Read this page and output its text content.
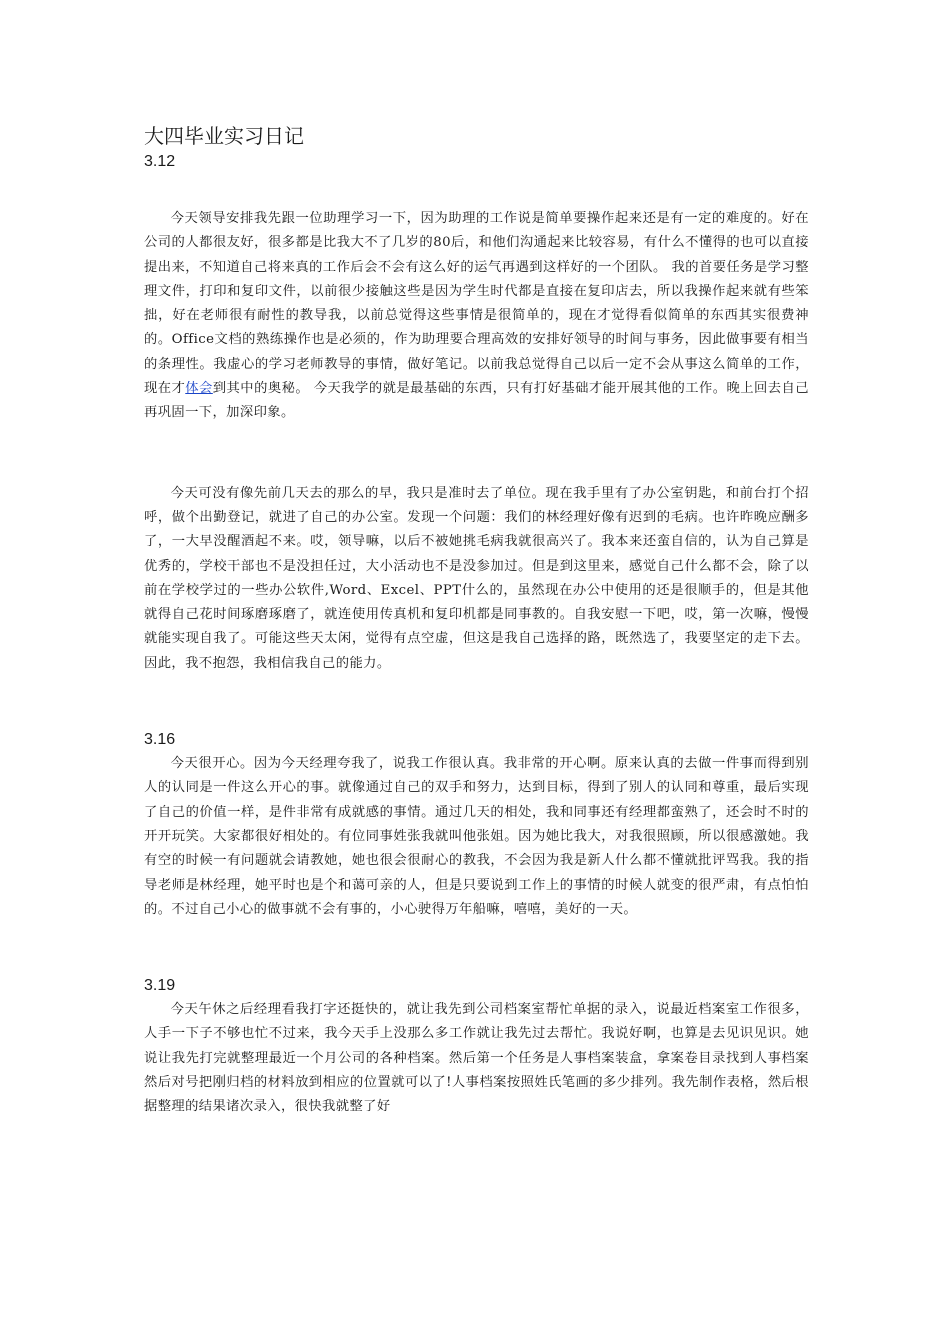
大四毕业实习日记

3.12

今天领导安排我先跟一位助理学习一下，因为助理的工作说是简单要操作起来还是有一定的难度的。好在公司的人都很友好，很多都是比我大不了几岁的80后，和他们沟通起来比较容易，有什么不懂得的也可以直接提出来，不知道自己将来真的工作后会不会有这么好的运气再遇到这样好的一个团队。 我的首要任务是学习整理文件，打印和复印文件，以前很少接触这些是因为学生时代都是直接在复印店去，所以我操作起来就有些笨拙，好在老师很有耐性的教导我，以前总觉得这些事情是很简单的，现在才觉得看似简单的东西其实很费神的。Office文档的熟练操作也是必须的，作为助理要合理高效的安排好领导的时间与事务，因此做事要有相当的条理性。我虚心的学习老师教导的事情，做好笔记。以前我总觉得自己以后一定不会从事这么简单的工作，现在才体会到其中的奥秘。 今天我学的就是最基础的东西，只有打好基础才能开展其他的工作。晚上回去自己再巩固一下，加深印象。

今天可没有像先前几天去的那么的早，我只是准时去了单位。现在我手里有了办公室钥匙，和前台打个招呼，做个出勤登记，就进了自己的办公室。发现一个问题：我们的林经理好像有迟到的毛病。也许昨晚应酬多了，一大早没醒酒起不来。哎，领导嘛，以后不被她挑毛病我就很高兴了。我本来还蛮自信的，认为自己算是优秀的，学校干部也不是没担任过，大小活动也不是没参加过。但是到这里来，感觉自己什么都不会，除了以前在学校学过的一些办公软件,Word、Excel、PPT什么的，虽然现在办公中使用的还是很顺手的，但是其他就得自己花时间琢磨琢磨了，就连使用传真机和复印机都是同事教的。自我安慰一下吧，哎，第一次嘛，慢慢就能实现自我了。可能这些天太闲，觉得有点空虚，但这是我自己选择的路，既然选了，我要坚定的走下去。因此，我不抱怨，我相信我自己的能力。

3.16

今天很开心。因为今天经理夸我了，说我工作很认真。我非常的开心啊。原来认真的去做一件事而得到别人的认同是一件这么开心的事。就像通过自己的双手和努力，达到目标，得到了别人的认同和尊重，最后实现了自己的价值一样，是件非常有成就感的事情。通过几天的相处，我和同事还有经理都蛮熟了，还会时不时的开开玩笑。大家都很好相处的。有位同事姓张我就叫他张姐。因为她比我大，对我很照顾，所以很感激她。我有空的时候一有问题就会请教她，她也很会很耐心的教我，不会因为我是新人什么都不懂就批评骂我。我的指导老师是林经理，她平时也是个和蔼可亲的人，但是只要说到工作上的事情的时候人就变的很严肃，有点怕怕的。不过自己小心的做事就不会有事的，小心驶得万年船嘛，嘻嘻，美好的一天。

3.19

今天午休之后经理看我打字还挺快的，就让我先到公司档案室帮忙单据的录入，说最近档案室工作很多，人手一下子不够也忙不过来，我今天手上没那么多工作就让我先过去帮忙。我说好啊，也算是去见识见识。她说让我先打完就整理最近一个月公司的各种档案。然后第一个任务是人事档案装盒，拿案卷目录找到人事档案然后对号把刚归档的材料放到相应的位置就可以了!人事档案按照姓氏笔画的多少排列。我先制作表格，然后根据整理的结果诸次录入，很快我就整了好
